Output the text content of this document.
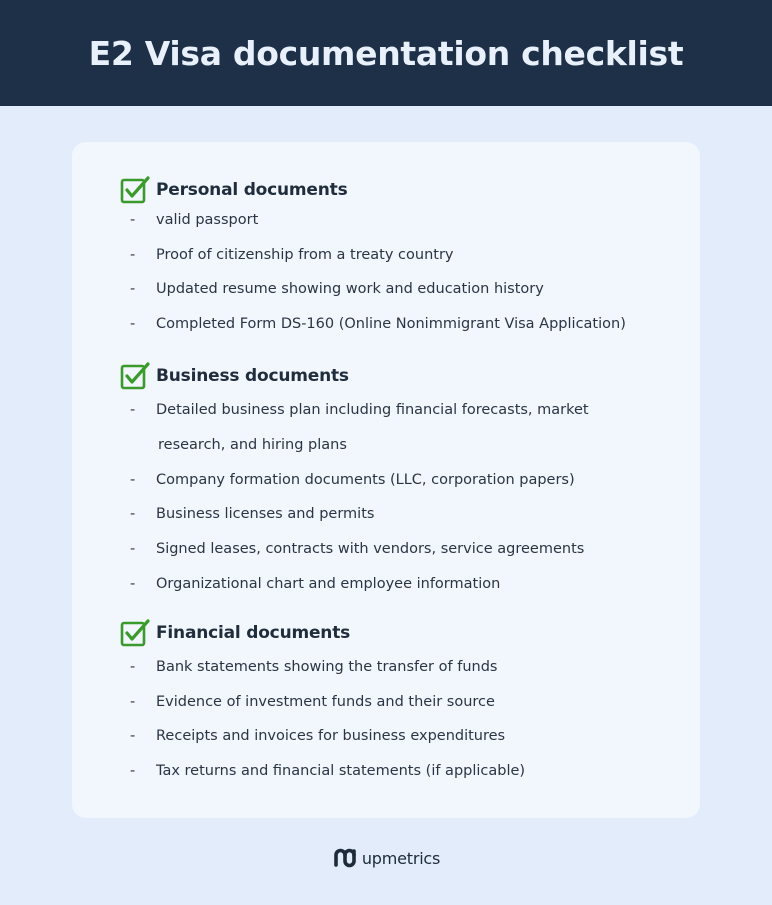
E2 Visa documentation checklist
Personal documents
-	valid passport
-	Proof of citizenship from a treaty country
-	Updated resume showing work and education history
-	Completed Form DS-160 (Online Nonimmigrant Visa Application)
Business documents
-	Detailed business plan including financial forecasts, market
research, and hiring plans
-	Company formation documents (LLC, corporation papers)
-	Business licenses and permits
-	Signed leases, contracts with vendors, service agreements
-	Organizational chart and employee information
Financial documents
-	Bank statements showing the transfer of funds
-	Evidence of investment funds and their source
-	Receipts and invoices for business expenditures
-	Tax returns and financial statements (if applicable)
upmetrics
